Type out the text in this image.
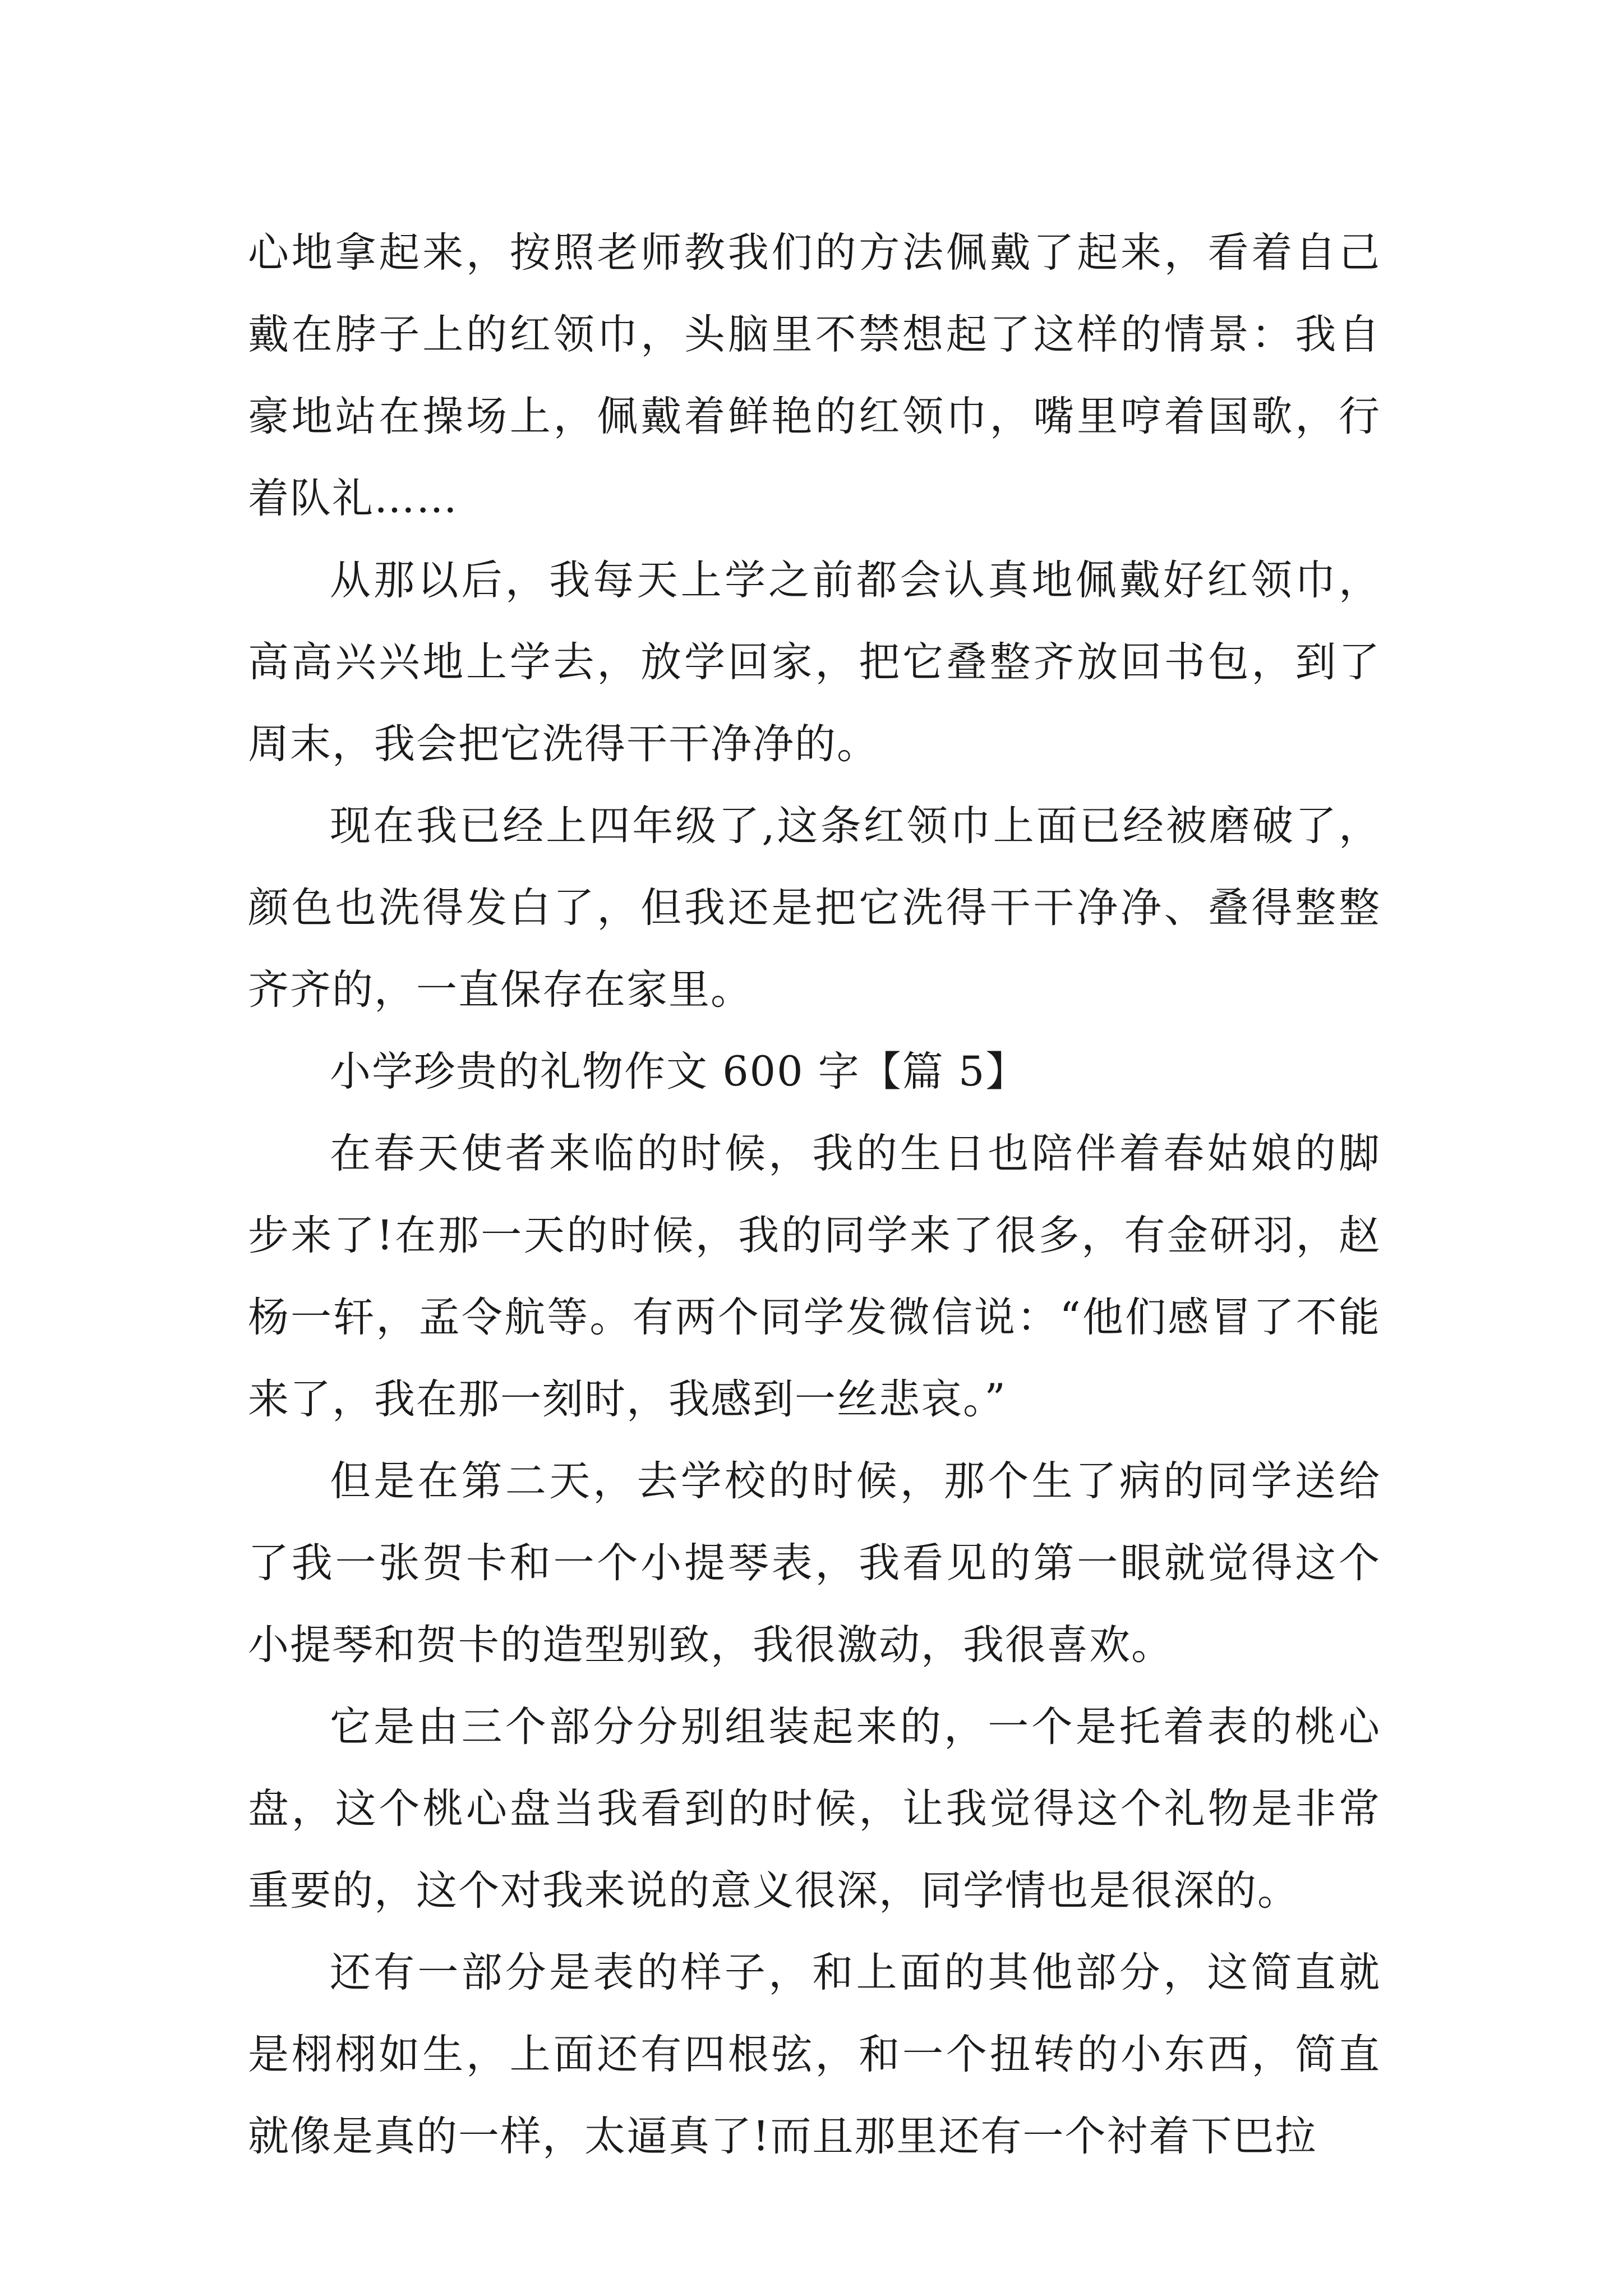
心地拿起来，按照老师教我们的方法佩戴了起来，看着自己戴在脖子上的红领巾，头脑里不禁想起了这样的情景：我自豪地站在操场上，佩戴着鲜艳的红领巾，嘴里哼着国歌，行着队礼……

从那以后，我每天上学之前都会认真地佩戴好红领巾，高高兴兴地上学去，放学回家，把它叠整齐放回书包，到了周末，我会把它洗得干干净净的。

现在我已经上四年级了,这条红领巾上面已经被磨破了，颜色也洗得发白了，但我还是把它洗得干干净净、叠得整整齐齐的，一直保存在家里。

小学珍贵的礼物作文 600 字【篇 5】

在春天使者来临的时候，我的生日也陪伴着春姑娘的脚步来了!在那一天的时候，我的同学来了很多，有金研羽，赵杨一轩，孟令航等。有两个同学发微信说：“他们感冒了不能来了，我在那一刻时，我感到一丝悲哀。”

但是在第二天，去学校的时候，那个生了病的同学送给了我一张贺卡和一个小提琴表，我看见的第一眼就觉得这个小提琴和贺卡的造型别致，我很激动，我很喜欢。

它是由三个部分分别组装起来的，一个是托着表的桃心盘，这个桃心盘当我看到的时候，让我觉得这个礼物是非常重要的，这个对我来说的意义很深，同学情也是很深的。

还有一部分是表的样子，和上面的其他部分，这简直就是栩栩如生，上面还有四根弦，和一个扭转的小东西，简直就像是真的一样，太逼真了!而且那里还有一个衬着下巴拉
